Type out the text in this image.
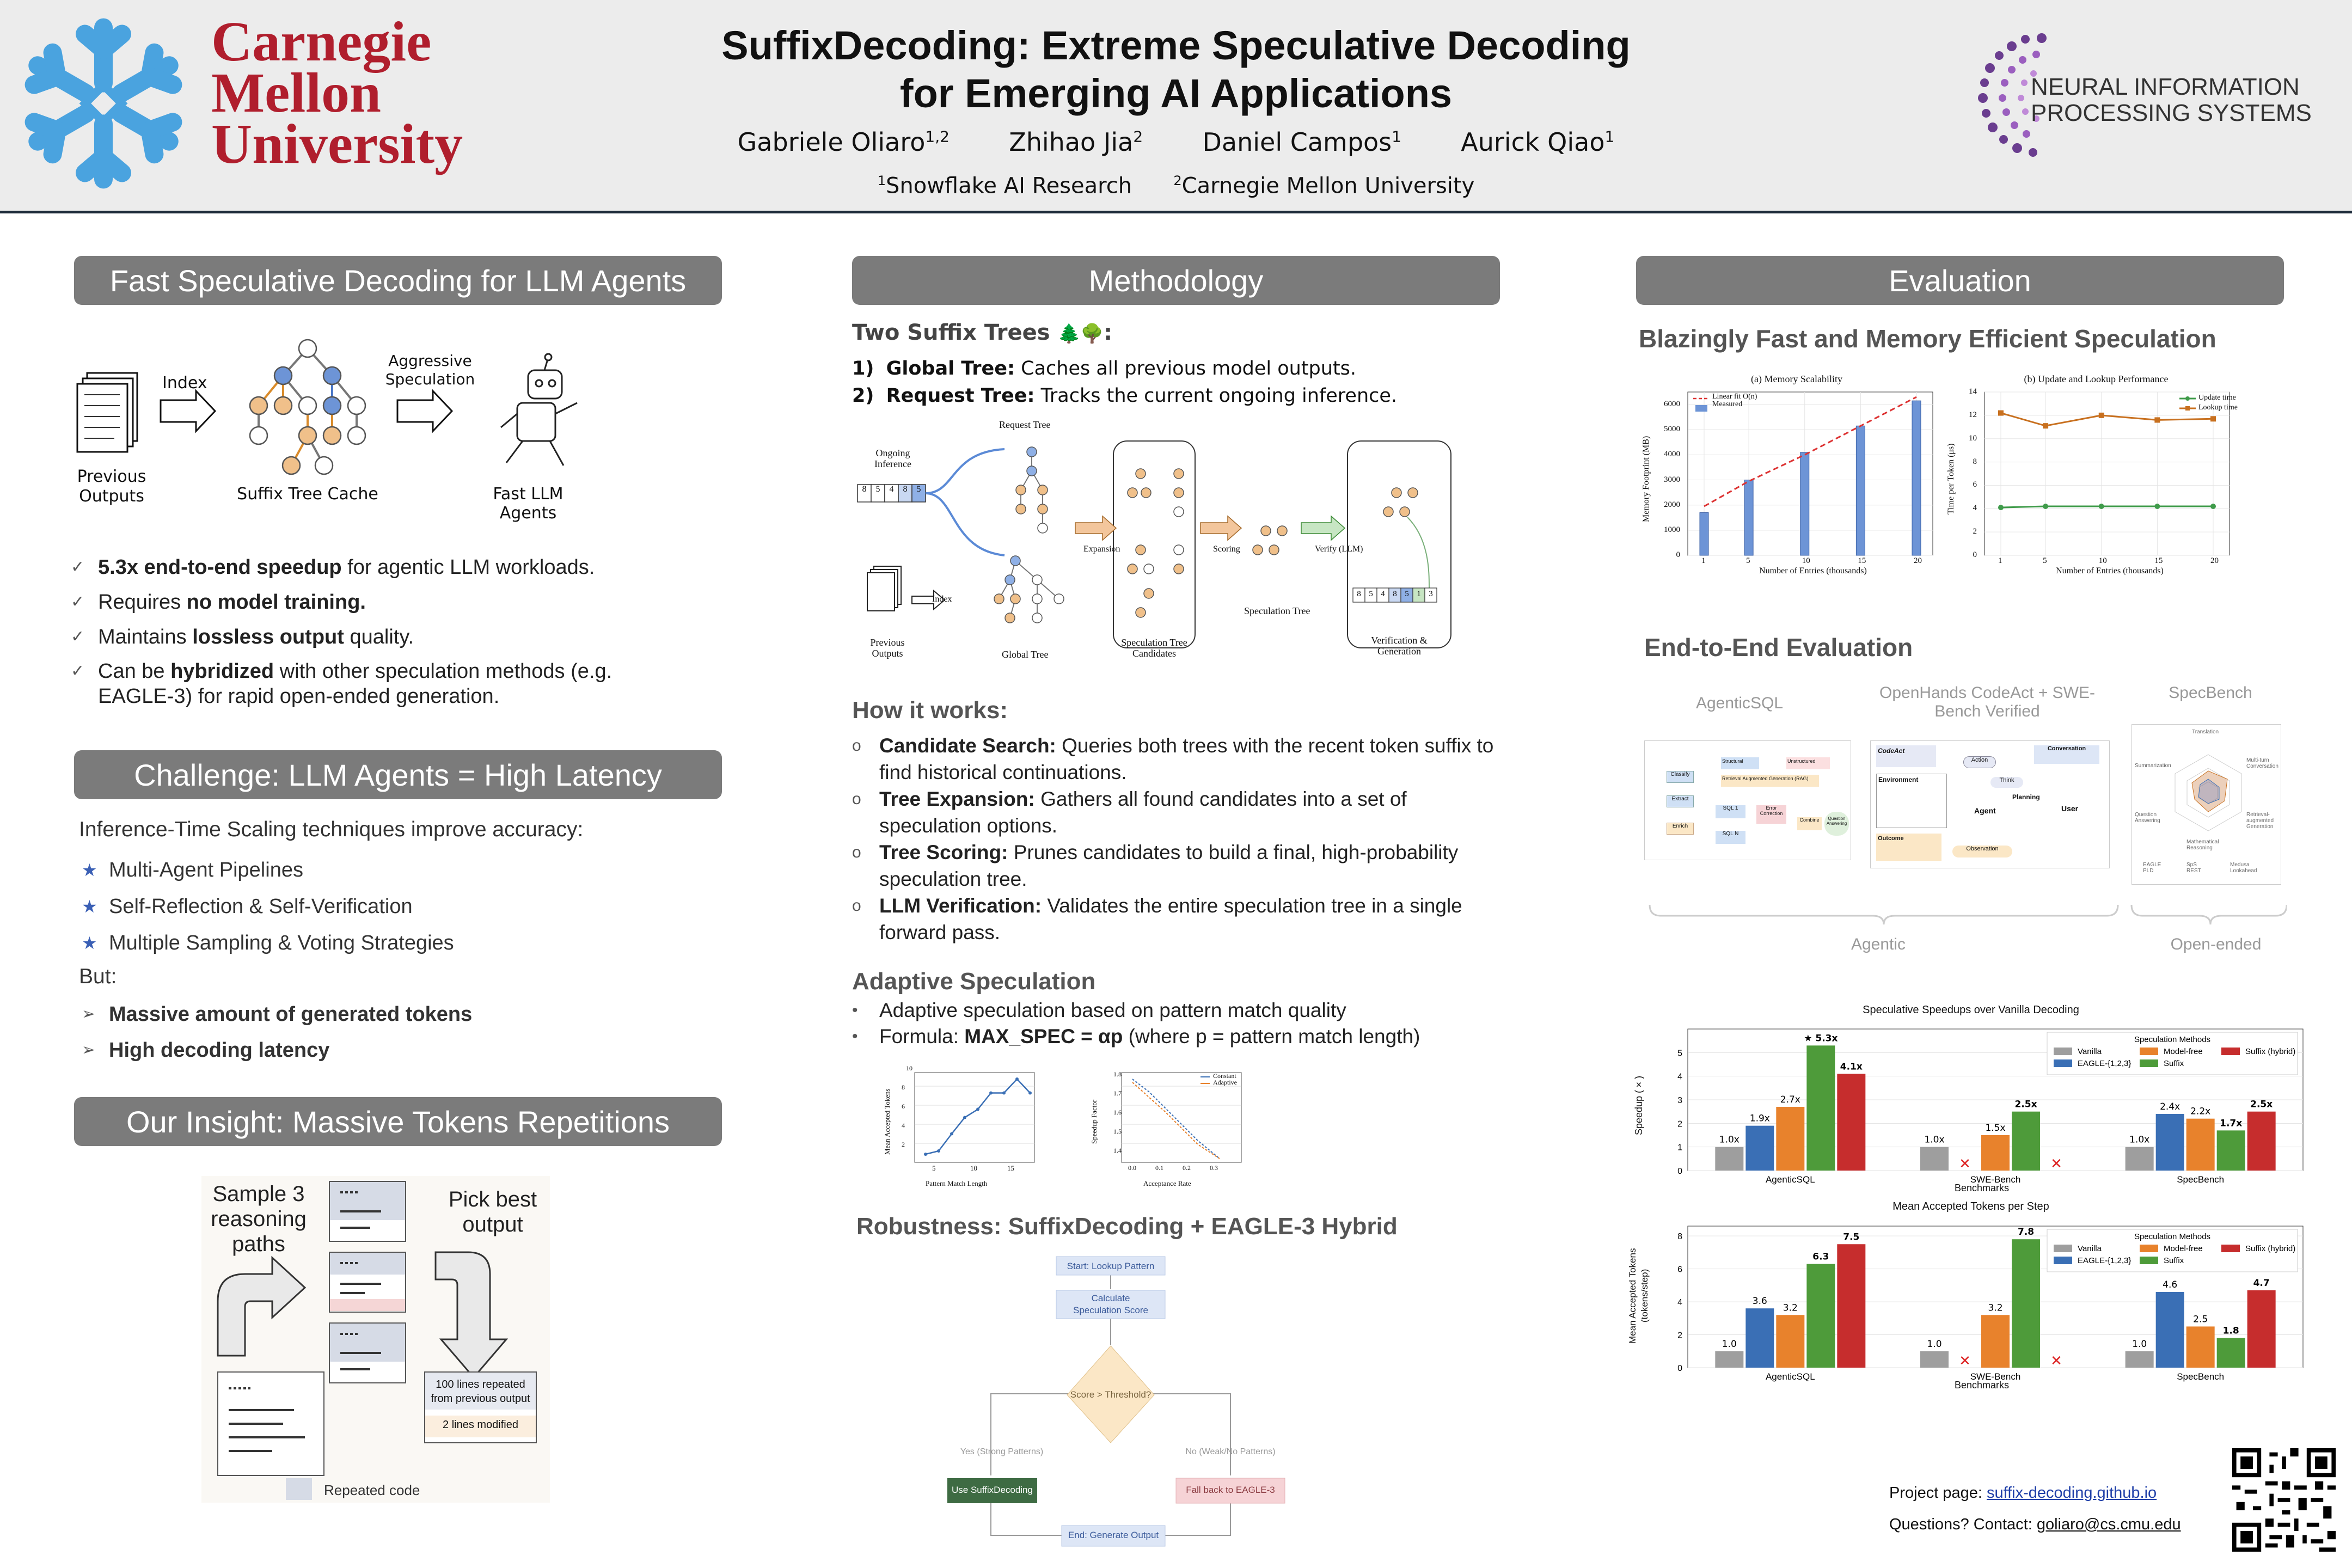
Carnegie
Mellon
University
SuffixDecoding: Extreme Speculative Decoding
for Emerging AI Applications
Gabriele Oliaro$^{1,2}$ Zhihao Jia$^2$ Daniel Campos$^1$ Aurick Qiao$^1$
$^1$Snowflake AI Research	$^2$Carnegie Mellon University
NEURAL INFORMATION
PROCESSING SYSTEMS
Fast Speculative Decoding for LLM Agents
Previous
Outputs
Index
Suffix Tree Cache
Aggressive
Speculation
Fast LLM Agents
✓ 5.3x end-to-end speedup for agentic LLM workloads.
✓ Requires no model training.
✓ Maintains lossless output quality.
✓ Can be hybridized with other speculation methods (e.g.
EAGLE-3) for rapid open-ended generation.
Challenge: LLM Agents = High Latency
Inference-Time Scaling techniques improve accuracy:
★ Multi-Agent Pipelines
★ Self-Reflection & Self-Verification
★ Multiple Sampling & Voting Strategies
But:
➢ Massive amount of generated tokens
➢ High decoding latency
Our Insight: Massive Tokens Repetitions
Sample 3
reasoning
paths
Pick best
output
100 lines repeated
from previous output
2 lines modified
Repeated code
Methodology
Two Suffix Trees 🌲🌳:
1) Global Tree: Caches all previous model outputs.
2) Request Tree: Tracks the current ongoing inference.
Ongoing
Inference
8	5	4	8	5
Request Tree
Global Tree
Index
Previous
Outputs
Expansion	Scoring	Verify (LLM)
Speculation Tree
Candidates
Speculation Tree
Verification &
Generation
8 5 4 8 5 1 3
How it works:
o Candidate Search: Queries both trees with the recent token suffix to
find historical continuations.
o Tree Expansion: Gathers all found candidates into a set of
speculation options.
o Tree Scoring: Prunes candidates to build a final, high-probability
speculation tree.
o LLM Verification: Validates the entire speculation tree in a single
forward pass.
Adaptive Speculation
• Adaptive speculation based on pattern match quality
• Formula: MAX_SPEC = αp (where p = pattern match length)
Mean Accepted Tokens
Pattern Match Length
5	10	15
2
4
6
8
10
Constant
Adaptive
Speedup Factor
Acceptance Rate
0.0	0.1	0.2	0.3
1.8
1.7
1.6
1.5
1.4
Robustness: SuffixDecoding + EAGLE-3 Hybrid
Start: Lookup Pattern
Calculate
Speculation Score
Score > Threshold?
Yes (Strong Patterns)	No (Weak/No Patterns)
Use SuffixDecoding	Fall back to EAGLE-3
End: Generate Output
Evaluation
Blazingly Fast and Memory Efficient Speculation
(a) Memory Scalability
Linear fit O(n)
Measured
Memory Footprint (MB)
Number of Entries (thousands)
1	5	10	15	20
0
1000
2000
3000
4000
5000
6000
(b) Update and Lookup Performance
Update time
Lookup time
Time per Token (μs)
Number of Entries (thousands)
1	5	10	15	20
0
2
4
6
8
10
12
14
End-to-End Evaluation
AgenticSQL
OpenHands CodeAct + SWE-
Bench Verified
SpecBench
Structural	Unstructured
Classify
Extract
Enrich
Retrieval Augmented Generation (RAG)
SQL 1
SQL N
Error Correction
Combine	Question Answering
CodeAct
Environment
Action
Conversation
Agent
Think
Planning
User
Observation
Outcome
Translation
Multi-turn Conversation
Summarization
Question Answering
Mathematical Reasoning
Retrieval-augmented Generation
EAGLE	SpS	Medusa
PLD	REST	Lookahead
Agentic	Open-ended
Speculative Speedups over Vanilla Decoding
0
1
2
3
4
5
1.0x
1.9x
2.7x
★ 5.3x
4.1x
AgenticSQL
1.0x
✕
1.5x
2.5x
✕
SWE-Bench
1.0x
2.4x 2.2x
1.7x
2.5x
SpecBench
Speculation Methods
Vanilla
EAGLE-{1,2,3}
Model-free
Suffix
Suffix (hybrid)
Speedup (×)
Benchmarks
Mean Accepted Tokens per Step
0
2
4
6
8
1.0
3.6
3.2
6.3
7.5
AgenticSQL
1.0
✕
3.2
7.8
✕
SWE-Bench
1.0
4.6
2.5
1.8
4.7
SpecBench
Speculation Methods
Vanilla
EAGLE-{1,2,3}
Model-free
Suffix
Suffix (hybrid)
Mean Accepted Tokens (tokens/step)
Benchmarks
Project page: suffix-decoding.github.io
Questions? Contact: goliaro@cs.cmu.edu
